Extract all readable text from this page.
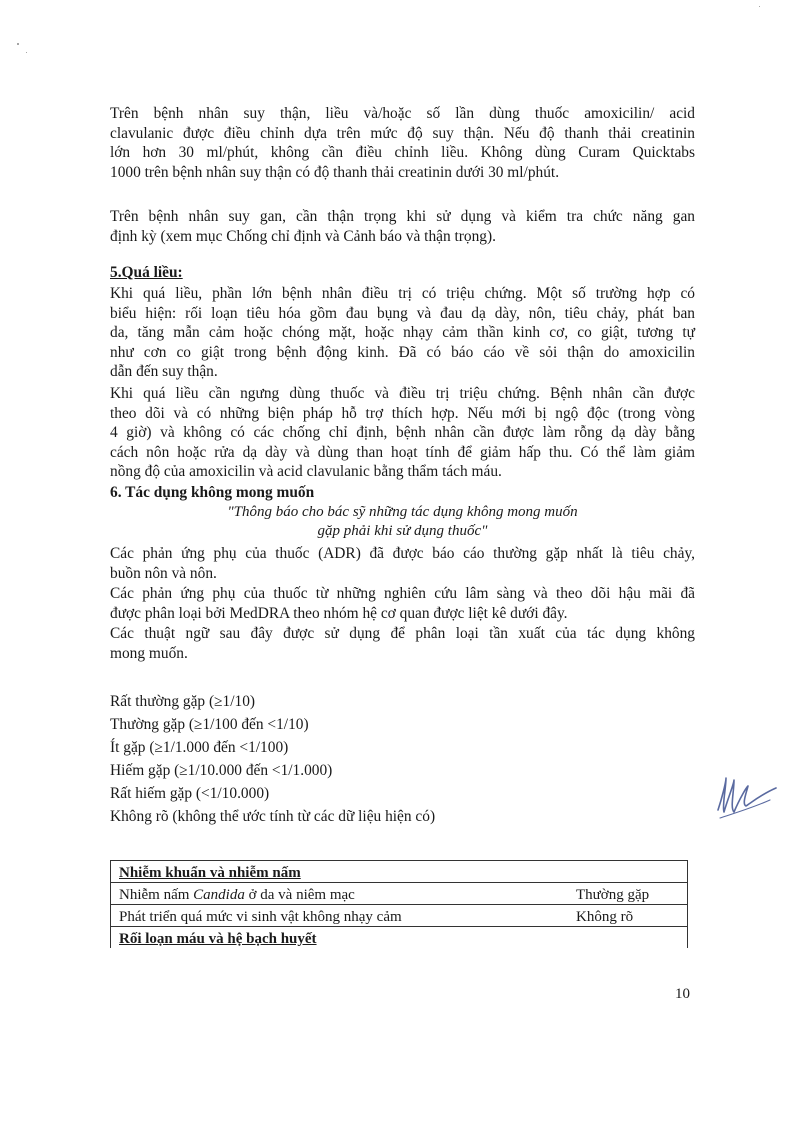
Trên bệnh nhân suy thận, liều và/hoặc số lần dùng thuốc amoxicilin/ acid
clavulanic được điều chỉnh dựa trên mức độ suy thận. Nếu độ thanh thải creatinin
lớn hơn 30 ml/phút, không cần điều chỉnh liều. Không dùng Curam Quicktabs
1000 trên bệnh nhân suy thận có độ thanh thải creatinin dưới 30 ml/phút.

Trên bệnh nhân suy gan, cần thận trọng khi sử dụng và kiểm tra chức năng gan
định kỳ (xem mục Chống chỉ định và Cảnh báo và thận trọng).

5.Quá liều:

Khi quá liều, phần lớn bệnh nhân điều trị có triệu chứng. Một số trường hợp có
biểu hiện: rối loạn tiêu hóa gồm đau bụng và đau dạ dày, nôn, tiêu chảy, phát ban
da, tăng mẫn cảm hoặc chóng mặt, hoặc nhạy cảm thần kinh cơ, co giật, tương tự
như cơn co giật trong bệnh động kinh. Đã có báo cáo về sỏi thận do amoxicilin
dẫn đến suy thận.

Khi quá liều cần ngưng dùng thuốc và điều trị triệu chứng. Bệnh nhân cần được
theo dõi và có những biện pháp hỗ trợ thích hợp. Nếu mới bị ngộ độc (trong vòng
4 giờ) và không có các chống chỉ định, bệnh nhân cần được làm rỗng dạ dày bằng
cách nôn hoặc rửa dạ dày và dùng than hoạt tính để giảm hấp thu. Có thể làm giảm
nồng độ của amoxicilin và acid clavulanic bằng thẩm tách máu.

6. Tác dụng không mong muốn

"Thông báo cho bác sỹ những tác dụng không mong muốn
gặp phải khi sử dụng thuốc"

Các phản ứng phụ của thuốc (ADR) đã được báo cáo thường gặp nhất là tiêu chảy,
buồn nôn và nôn.

Các phản ứng phụ của thuốc từ những nghiên cứu lâm sàng và theo dõi hậu mãi đã
được phân loại bởi MedDRA theo nhóm hệ cơ quan được liệt kê dưới đây.

Các thuật ngữ sau đây được sử dụng để phân loại tần xuất của tác dụng không
mong muốn.

Rất thường gặp (≥1/10)
Thường gặp (≥1/100 đến <1/10)
Ít gặp (≥1/1.000 đến <1/100)
Hiếm gặp (≥1/10.000 đến <1/1.000)
Rất hiếm gặp (<1/10.000)
Không rõ (không thể ước tính từ các dữ liệu hiện có)
Nhiễm khuẩn và nhiễm nấm	
Nhiễm nấm Candida ở da và niêm mạc	Thường gặp
Phát triển quá mức vi sinh vật không nhạy cảm	Không rõ
Rối loạn máu và hệ bạch huyết	
10
